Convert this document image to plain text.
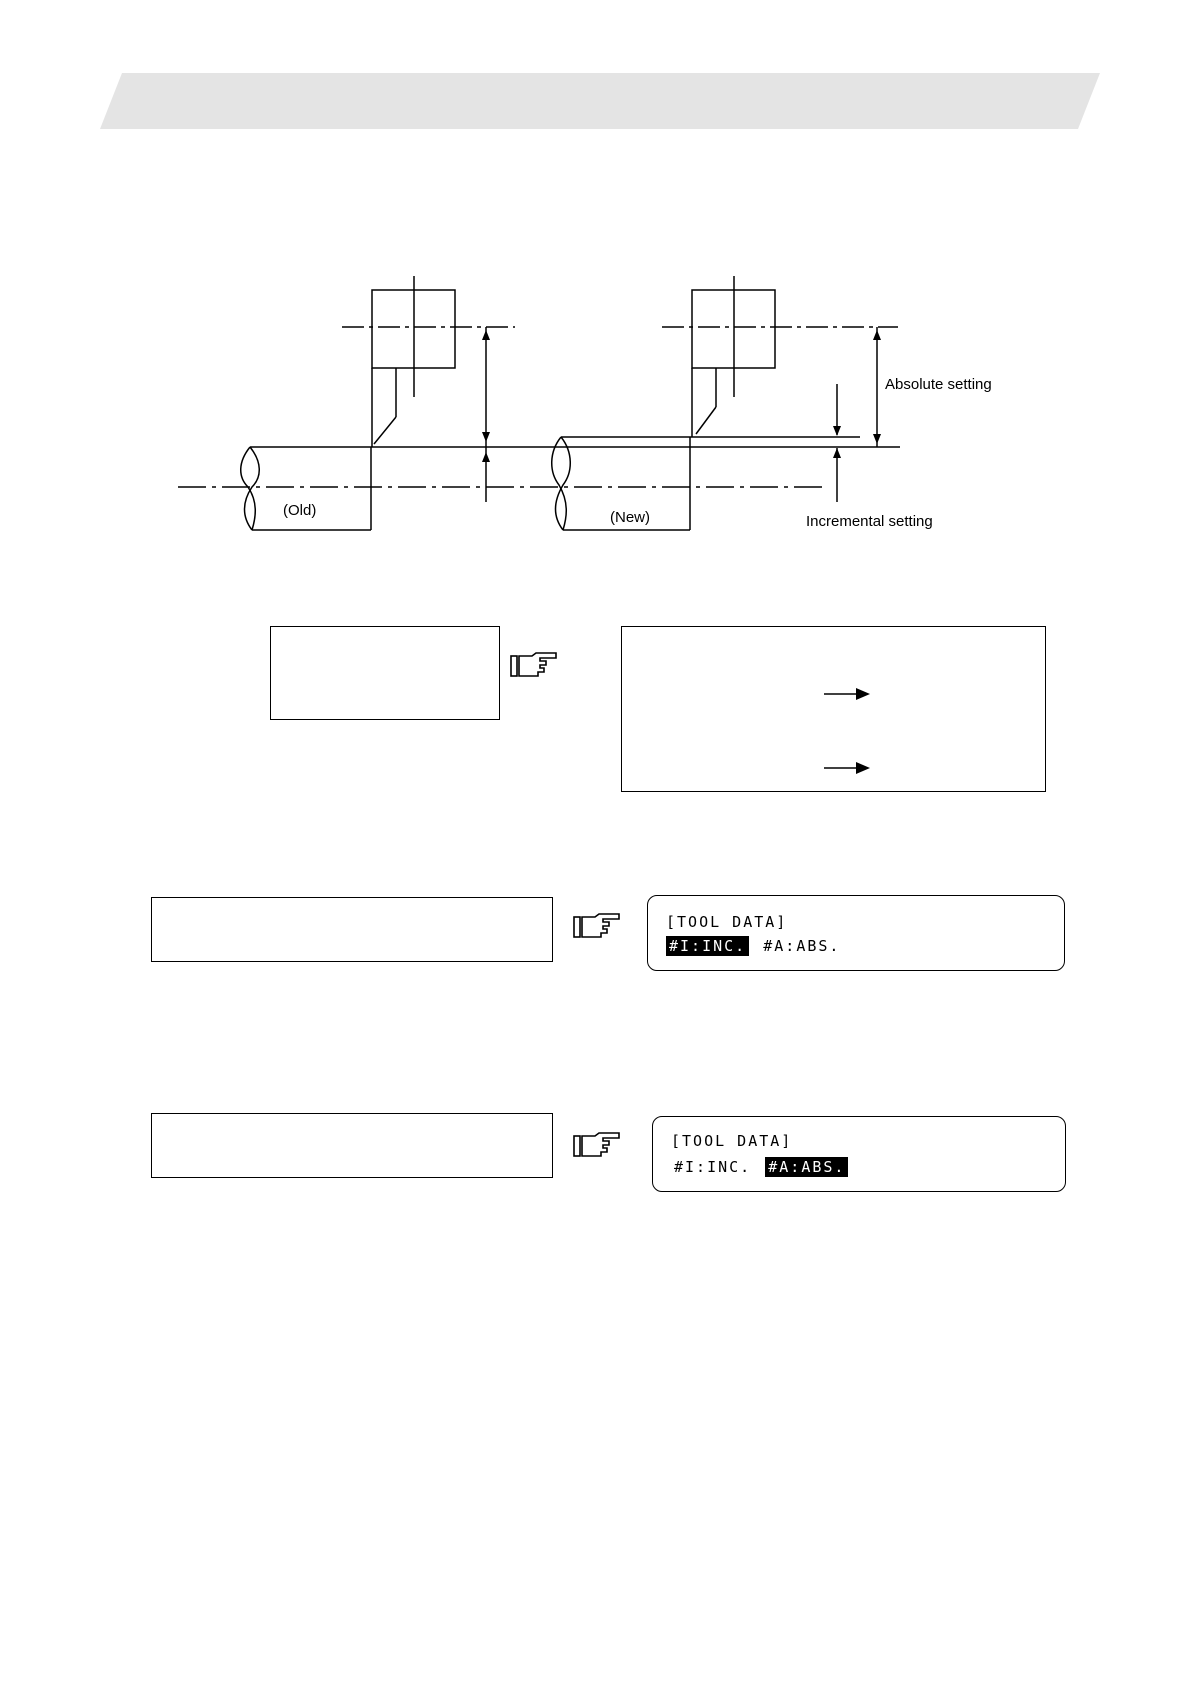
(Old)	(New)
Absolute setting
Incremental setting
[TOOL DATA]
#I:INC. #A:ABS.
[TOOL DATA]
#I:INC. #A:ABS.
